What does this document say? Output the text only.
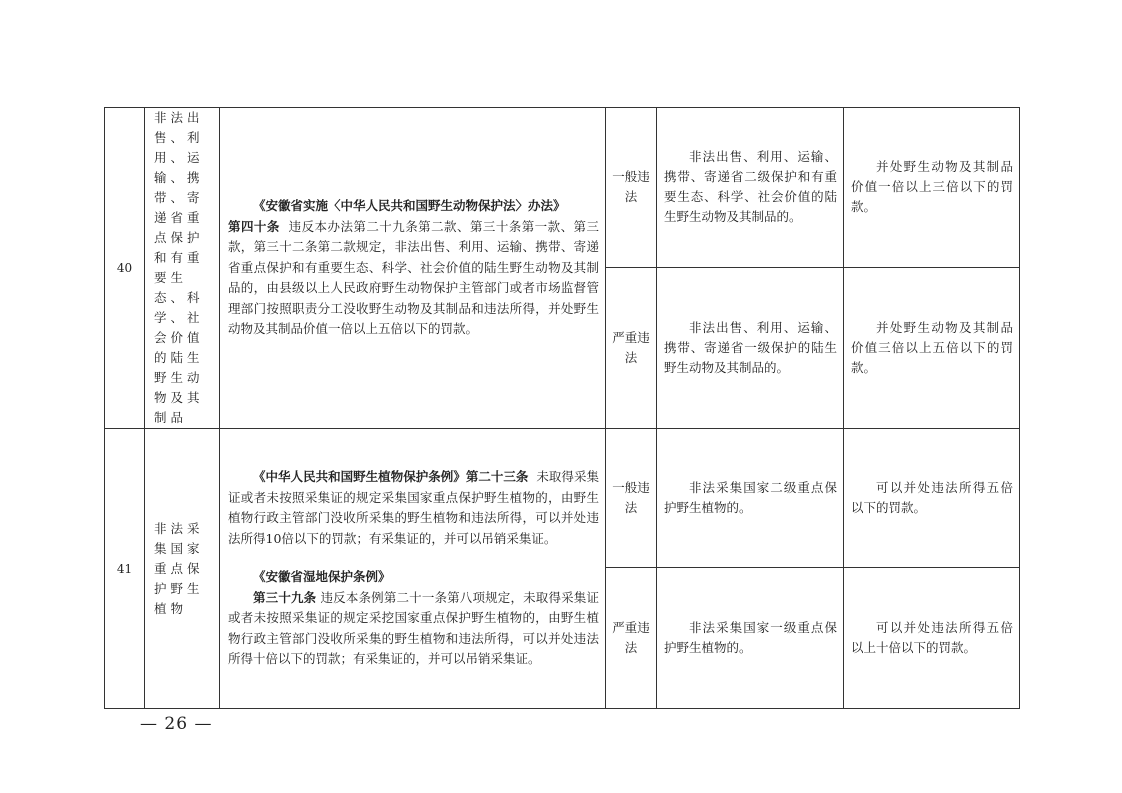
40	非法出售、利用、运输、携带、寄递省重点保护和有重要生态、科学、社会价值的陆生野生动物及其制品	《安徽省实施〈中华人民共和国野生动物保护法〉办法》

第四十条 违反本办法第二十九条第二款、第三十条第一款、第三款，第三十二条第二款规定，非法出售、利用、运输、携带、寄递省重点保护和有重要生态、科学、社会价值的陆生野生动物及其制品的，由县级以上人民政府野生动物保护主管部门或者市场监督管理部门按照职责分工没收野生动物及其制品和违法所得，并处野生动物及其制品价值一倍以上五倍以下的罚款。	一般违法	非法出售、利用、运输、携带、寄递省二级保护和有重要生态、科学、社会价值的陆生野生动物及其制品的。	并处野生动物及其制品价值一倍以上三倍以下的罚款。

			严重违法	非法出售、利用、运输、携带、寄递省一级保护的陆生野生动物及其制品的。	并处野生动物及其制品价值三倍以上五倍以下的罚款。

41	非法采集国家重点保护野生植物	《中华人民共和国野生植物保护条例》第二十三条 未取得采集证或者未按照采集证的规定采集国家重点保护野生植物的，由野生植物行政主管部门没收所采集的野生植物和违法所得，可以并处违法所得10倍以下的罚款；有采集证的，并可以吊销采集证。

《安徽省湿地保护条例》

第三十九条 违反本条例第二十一条第八项规定，未取得采集证或者未按照采集证的规定采挖国家重点保护野生植物的，由野生植物行政主管部门没收所采集的野生植物和违法所得，可以并处违法所得十倍以下的罚款；有采集证的，并可以吊销采集证。	一般违法	非法采集国家二级重点保护野生植物的。	可以并处违法所得五倍以下的罚款。

			严重违法	非法采集国家一级重点保护野生植物的。	可以并处违法所得五倍以上十倍以下的罚款。
— 26 —
